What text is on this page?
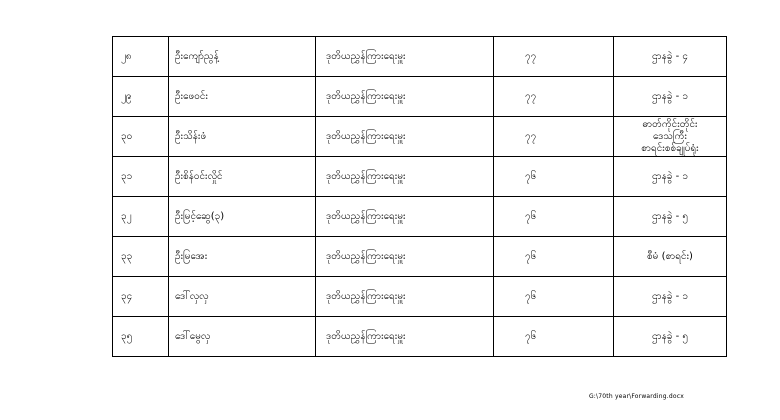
၂၈	ဦးကျော်ညွန့်	ဒုတိယညွှန်ကြားရေးမှူး	၇၇	ဌာနခွဲ - ၄

၂၉	ဦးဖေဝင်း	ဒုတိယညွှန်ကြားရေးမှူး	၇၇	ဌာနခွဲ - ၁

၃၀	ဦးသိန်းဖံ	ဒုတိယညွှန်ကြားရေးမှူး	၇၇	ဓာတ်ကိုင်းတိုင်း
ဒေသကြီး
စာရင်းစစ်ချုပ်ရုံး

၃၁	ဦးစိန်ဝင်းလှိုင်	ဒုတိယညွှန်ကြားရေးမှူး	၇၆	ဌာနခွဲ - ၁

၃၂	ဦးမြင့်ဆွေ(၃)	ဒုတိယညွှန်ကြားရေးမှူး	၇၆	ဌာနခွဲ - ၅

၃၃	ဦးမြအေး	ဒုတိယညွှန်ကြားရေးမှူး	၇၆	စီမံ (စာရင်း)

၃၄	ဒေါ်လှလှ	ဒုတိယညွှန်ကြားရေးမှူး	၇၆	ဌာနခွဲ - ၁

၃၅	ဒေါ်မွေလှ	ဒုတိယညွှန်ကြားရေးမှူး	၇၆	ဌာနခွဲ - ၅
G:\70th year\Forwarding.docx
